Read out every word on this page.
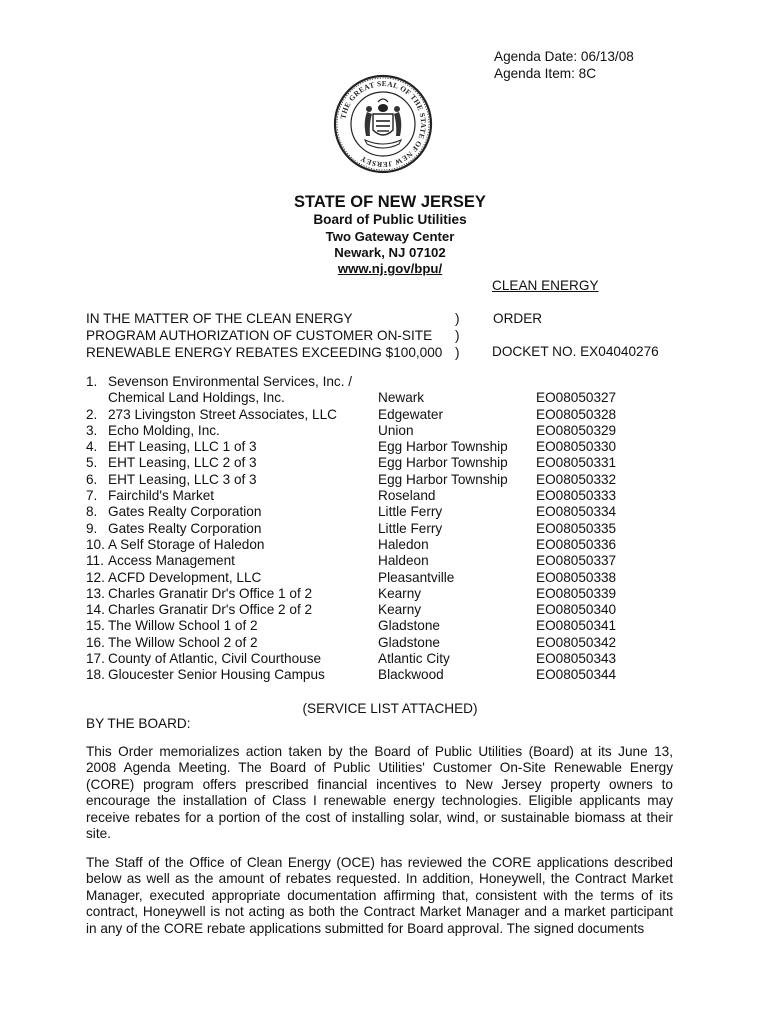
Agenda Date: 06/13/08
Agenda Item: 8C
THE GREAT SEAL OF THE STATE OF NEW JERSEY
STATE OF NEW JERSEY
Board of Public Utilities
Two Gateway Center
Newark, NJ 07102
www.nj.gov/bpu/
CLEAN ENERGY
IN THE MATTER OF THE CLEAN ENERGY
PROGRAM AUTHORIZATION OF CUSTOMER ON-SITE
RENEWABLE ENERGY REBATES EXCEEDING $100,000
)
)
)
ORDER
DOCKET NO. EX04040276
1. Sevenson Environmental Services, Inc. /
Chemical Land Holdings, Inc.	Newark	EO08050327
2. 273 Livingston Street Associates, LLC	Edgewater	EO08050328
3. Echo Molding, Inc.	Union	EO08050329
4. EHT Leasing, LLC 1 of 3	Egg Harbor Township	EO08050330
5. EHT Leasing, LLC 2 of 3	Egg Harbor Township	EO08050331
6. EHT Leasing, LLC 3 of 3	Egg Harbor Township	EO08050332
7. Fairchild's Market	Roseland	EO08050333
8. Gates Realty Corporation	Little Ferry	EO08050334
9. Gates Realty Corporation	Little Ferry	EO08050335
10. A Self Storage of Haledon	Haledon	EO08050336
11. Access Management	Haldeon	EO08050337
12. ACFD Development, LLC	Pleasantville	EO08050338
13. Charles Granatir Dr's Office 1 of 2	Kearny	EO08050339
14. Charles Granatir Dr's Office 2 of 2	Kearny	EO08050340
15. The Willow School 1 of 2	Gladstone	EO08050341
16. The Willow School 2 of 2	Gladstone	EO08050342
17. County of Atlantic, Civil Courthouse	Atlantic City	EO08050343
18. Gloucester Senior Housing Campus	Blackwood	EO08050344
(SERVICE LIST ATTACHED)
BY THE BOARD:
This Order memorializes action taken by the Board of Public Utilities (Board) at its June 13,
2008 Agenda Meeting. The Board of Public Utilities' Customer On-Site Renewable Energy
(CORE) program offers prescribed financial incentives to New Jersey property owners to
encourage the installation of Class I renewable energy technologies. Eligible applicants may
receive rebates for a portion of the cost of installing solar, wind, or sustainable biomass at their
site.
The Staff of the Office of Clean Energy (OCE) has reviewed the CORE applications described
below as well as the amount of rebates requested. In addition, Honeywell, the Contract Market
Manager, executed appropriate documentation affirming that, consistent with the terms of its
contract, Honeywell is not acting as both the Contract Market Manager and a market participant
in any of the CORE rebate applications submitted for Board approval. The signed documents
